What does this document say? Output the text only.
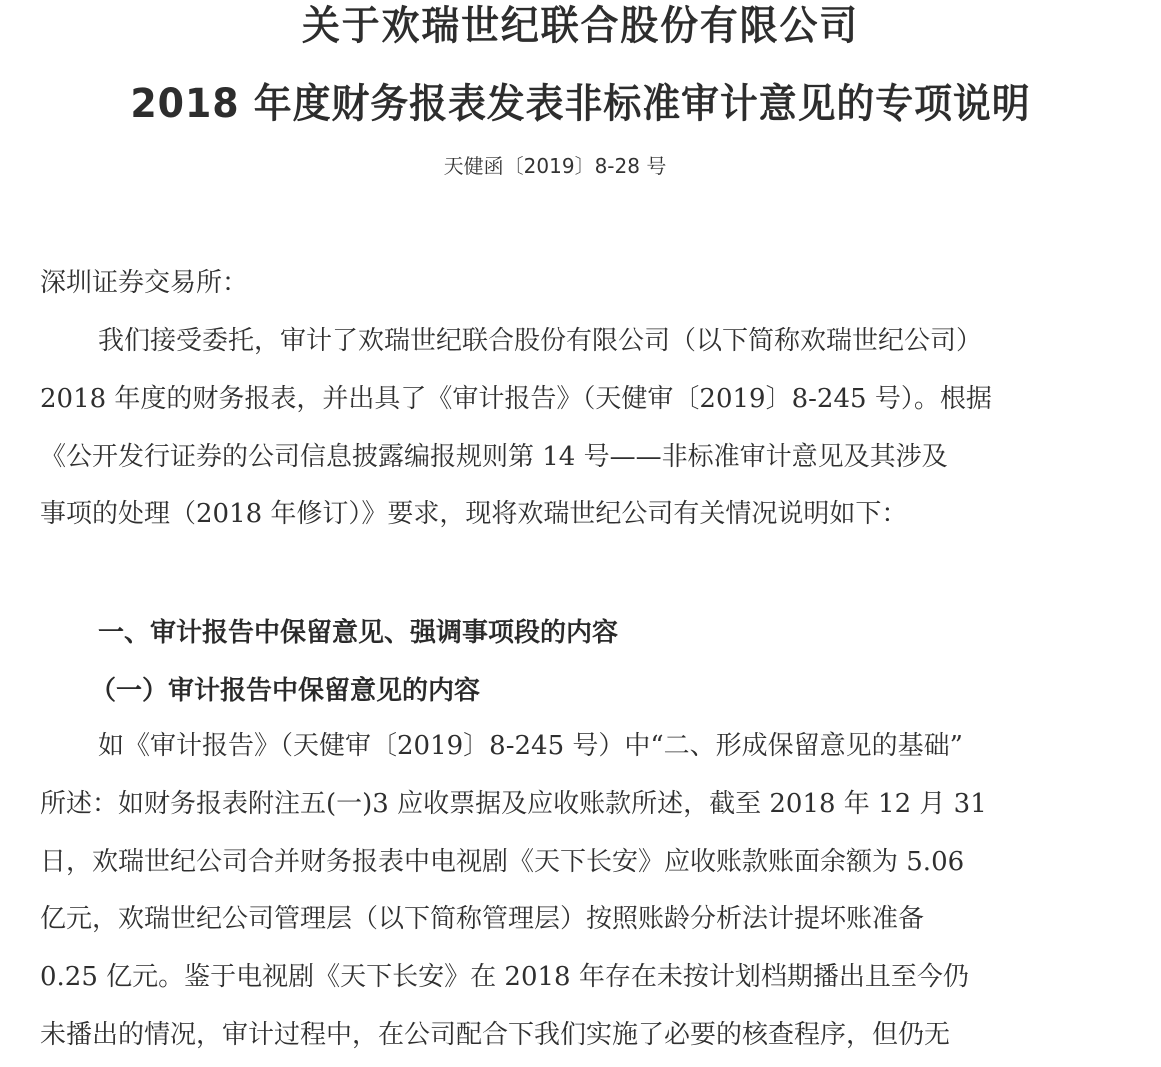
关于欢瑞世纪联合股份有限公司
2018 年度财务报表发表非标准审计意见的专项说明
天健函〔2019〕8-28 号
深圳证券交易所：
我们接受委托，审计了欢瑞世纪联合股份有限公司（以下简称欢瑞世纪公司）
2018 年度的财务报表，并出具了《审计报告》（天健审〔2019〕8-245 号）。根据
《公开发行证券的公司信息披露编报规则第 14 号——非标准审计意见及其涉及
事项的处理（2018 年修订）》要求，现将欢瑞世纪公司有关情况说明如下：
一、审计报告中保留意见、强调事项段的内容
（一）审计报告中保留意见的内容
如《审计报告》（天健审〔2019〕8-245 号）中“二、形成保留意见的基础”
所述：如财务报表附注五(一)3 应收票据及应收账款所述，截至 2018 年 12 月 31
日，欢瑞世纪公司合并财务报表中电视剧《天下长安》应收账款账面余额为 5.06
亿元，欢瑞世纪公司管理层（以下简称管理层）按照账龄分析法计提坏账准备
0.25 亿元。鉴于电视剧《天下长安》在 2018 年存在未按计划档期播出且至今仍
未播出的情况，审计过程中，在公司配合下我们实施了必要的核查程序，但仍无
